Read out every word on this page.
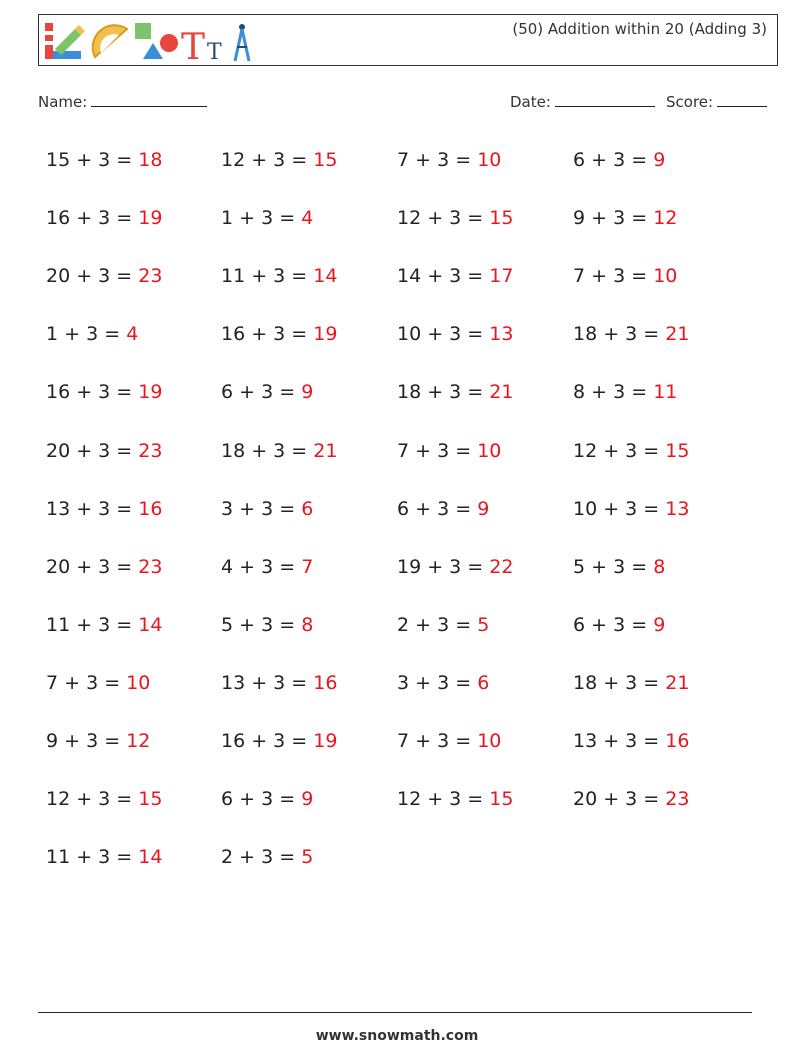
T T
(50) Addition within 20 (Adding 3)
Name:	Date:	Score:
15 + 3 = 18	12 + 3 = 15	7 + 3 = 10	6 + 3 = 9
16 + 3 = 19	1 + 3 = 4	12 + 3 = 15	9 + 3 = 12
20 + 3 = 23	11 + 3 = 14	14 + 3 = 17	7 + 3 = 10
1 + 3 = 4	16 + 3 = 19	10 + 3 = 13	18 + 3 = 21
16 + 3 = 19	6 + 3 = 9	18 + 3 = 21	8 + 3 = 11
20 + 3 = 23	18 + 3 = 21	7 + 3 = 10	12 + 3 = 15
13 + 3 = 16	3 + 3 = 6	6 + 3 = 9	10 + 3 = 13
20 + 3 = 23	4 + 3 = 7	19 + 3 = 22	5 + 3 = 8
11 + 3 = 14	5 + 3 = 8	2 + 3 = 5	6 + 3 = 9
7 + 3 = 10	13 + 3 = 16	3 + 3 = 6	18 + 3 = 21
9 + 3 = 12	16 + 3 = 19	7 + 3 = 10	13 + 3 = 16
12 + 3 = 15	6 + 3 = 9	12 + 3 = 15	20 + 3 = 23
11 + 3 = 14	2 + 3 = 5
www.snowmath.com
